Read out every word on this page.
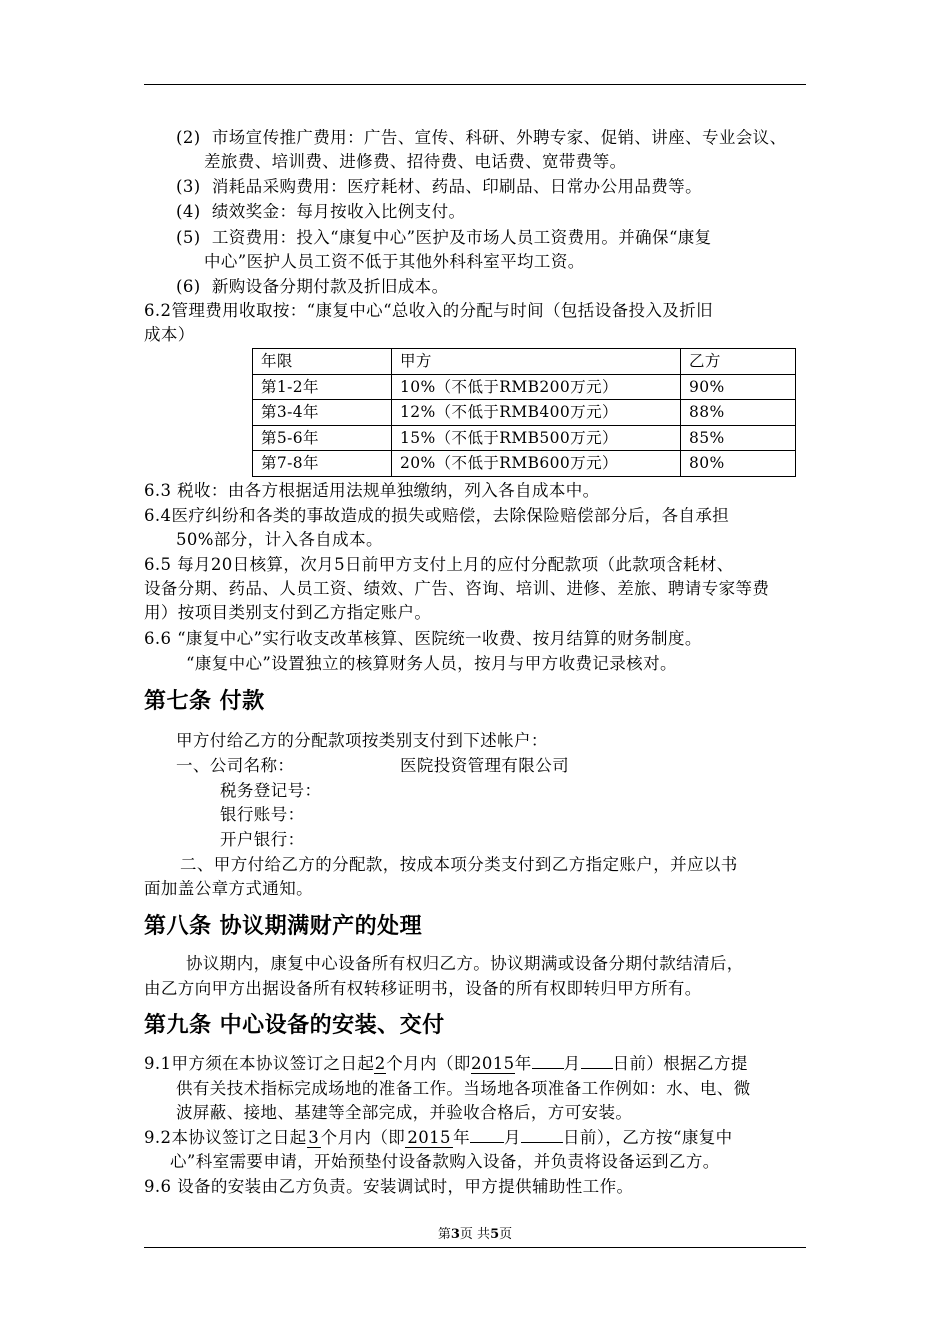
(2) 市场宣传推广费用：广告、宣传、科研、外聘专家、促销、讲座、专业会议、
差旅费、培训费、进修费、招待费、电话费、宽带费等。
(3) 消耗品采购费用：医疗耗材、药品、印刷品、日常办公用品费等。
(4) 绩效奖金：每月按收入比例支付。
(5) 工资费用：投入“康复中心”医护及市场人员工资费用。并确保“康复
中心”医护人员工资不低于其他外科科室平均工资。
(6) 新购设备分期付款及折旧成本。
6.2管理费用收取按：“康复中心“总收入的分配与时间（包括设备投入及折旧
成本）
年限	甲方	乙方
第1-2年	10%（不低于RMB200万元）	90%
第3-4年	12%（不低于RMB400万元）	88%
第5-6年	15%（不低于RMB500万元）	85%
第7-8年	20%（不低于RMB600万元）	80%
6.3 税收：由各方根据适用法规单独缴纳，列入各自成本中。
6.4医疗纠纷和各类的事故造成的损失或赔偿，去除保险赔偿部分后，各自承担
50%部分，计入各自成本。
6.5 每月20日核算，次月5日前甲方支付上月的应付分配款项（此款项含耗材、
设备分期、药品、人员工资、绩效、广告、咨询、培训、进修、差旅、聘请专家等费
用）按项目类别支付到乙方指定账户。
6.6 “康复中心”实行收支改革核算、医院统一收费、按月结算的财务制度。
“康复中心”设置独立的核算财务人员，按月与甲方收费记录核对。
第七条 付款
甲方付给乙方的分配款项按类别支付到下述帐户：
一、公司名称：	医院投资管理有限公司
税务登记号：
银行账号：
开户银行：
二、甲方付给乙方的分配款，按成本项分类支付到乙方指定账户，并应以书
面加盖公章方式通知。
第八条 协议期满财产的处理
协议期内，康复中心设备所有权归乙方。协议期满或设备分期付款结清后，
由乙方向甲方出据设备所有权转移证明书，设备的所有权即转归甲方所有。
第九条 中心设备的安装、交付
9.1甲方须在本协议签订之日起2个月内（即2015年 月 日前）根据乙方提
供有关技术指标完成场地的准备工作。当场地各项准备工作例如：水、电、微
波屏蔽、接地、基建等全部完成，并验收合格后，方可安装。
9.2本协议签订之日起3个月内（即 2015 年 月	日前），乙方按“康复中
心”科室需要申请，开始预垫付设备款购入设备，并负责将设备运到乙方。
9.6 设备的安装由乙方负责。安装调试时，甲方提供辅助性工作。
第3页 共5页
